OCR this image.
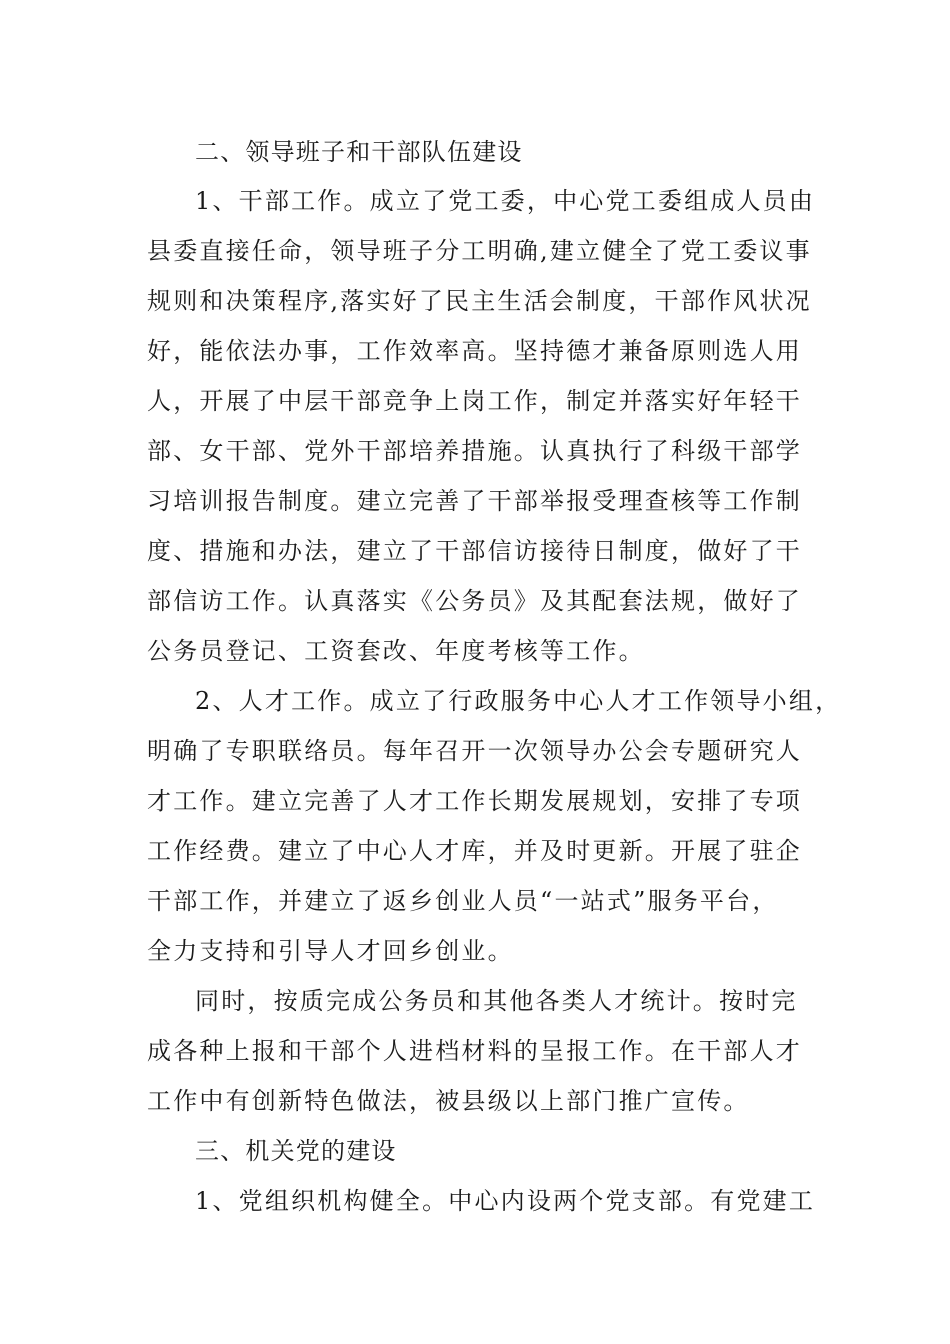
二、领导班子和干部队伍建设
1、干部工作。成立了党工委，中心党工委组成人员由
县委直接任命，领导班子分工明确,建立健全了党工委议事
规则和决策程序,落实好了民主生活会制度，干部作风状况
好，能依法办事，工作效率高。坚持德才兼备原则选人用
人，开展了中层干部竞争上岗工作，制定并落实好年轻干
部、女干部、党外干部培养措施。认真执行了科级干部学
习培训报告制度。建立完善了干部举报受理查核等工作制
度、措施和办法，建立了干部信访接待日制度，做好了干
部信访工作。认真落实《公务员》及其配套法规，做好了
公务员登记、工资套改、年度考核等工作。
2、人才工作。成立了行政服务中心人才工作领导小组，
明确了专职联络员。每年召开一次领导办公会专题研究人
才工作。建立完善了人才工作长期发展规划，安排了专项
工作经费。建立了中心人才库，并及时更新。开展了驻企
干部工作，并建立了返乡创业人员“一站式”服务平台，
全力支持和引导人才回乡创业。
同时，按质完成公务员和其他各类人才统计。按时完
成各种上报和干部个人进档材料的呈报工作。在干部人才
工作中有创新特色做法，被县级以上部门推广宣传。
三、机关党的建设
1、党组织机构健全。中心内设两个党支部。有党建工
